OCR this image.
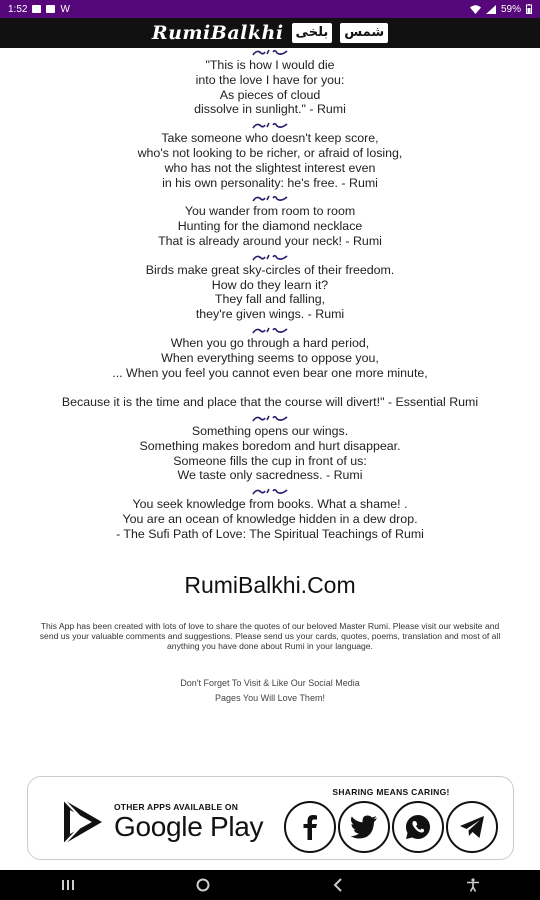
1:52	W	59%
RumiBalkhi بلخی	شمس
"This is how I would die
into the love I have for you:
As pieces of cloud
dissolve in sunlight." - Rumi
Take someone who doesn't keep score,
who's not looking to be richer, or afraid of losing,
who has not the slightest interest even
in his own personality: he's free. - Rumi
You wander from room to room
Hunting for the diamond necklace
That is already around your neck! - Rumi
Birds make great sky-circles of their freedom.
How do they learn it?
They fall and falling,
they're given wings. - Rumi
When you go through a hard period,
When everything seems to oppose you,
... When you feel you cannot even bear one more minute,

Because it is the time and place that the course will divert!" - Essential Rumi
Something opens our wings.
Something makes boredom and hurt disappear.
Someone fills the cup in front of us:
We taste only sacredness. - Rumi
You seek knowledge from books. What a shame! .
You are an ocean of knowledge hidden in a dew drop.
- The Sufi Path of Love: The Spiritual Teachings of Rumi
RumiBalkhi.Com
This App has been created with lots of love to share the quotes of our beloved Master Rumi. Please visit our website and send us your valuable comments and suggestions. Please send us your cards, quotes, poems, translation and most of all anything you have done about Rumi in your language.
Don't Forget To Visit & Like Our Social Media
Pages You Will Love Them!
OTHER APPS AVAILABLE ON
Google Play
SHARING MEANS CARING!
